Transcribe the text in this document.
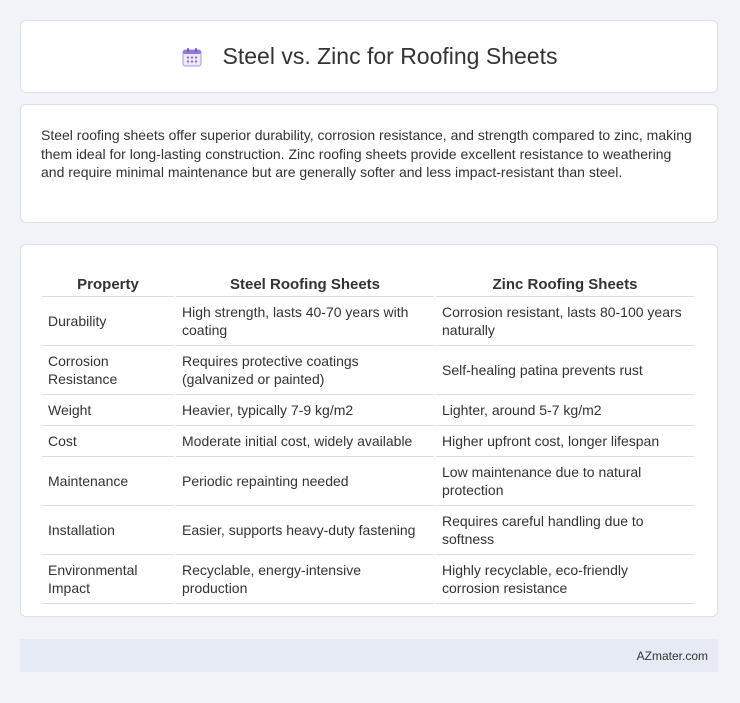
Steel vs. Zinc for Roofing Sheets

Steel roofing sheets offer superior durability, corrosion resistance, and strength compared to zinc, making them ideal for long-lasting construction. Zinc roofing sheets provide excellent resistance to weathering and require minimal maintenance but are generally softer and less impact-resistant than steel.

Property	Steel Roofing Sheets	Zinc Roofing Sheets
Durability	High strength, lasts 40-70 years with coating	Corrosion resistant, lasts 80-100 years naturally
Corrosion Resistance	Requires protective coatings (galvanized or painted)	Self-healing patina prevents rust
Weight	Heavier, typically 7-9 kg/m2	Lighter, around 5-7 kg/m2
Cost	Moderate initial cost, widely available	Higher upfront cost, longer lifespan
Maintenance	Periodic repainting needed	Low maintenance due to natural protection
Installation	Easier, supports heavy-duty fastening	Requires careful handling due to softness
Environmental Impact	Recyclable, energy-intensive production	Highly recyclable, eco-friendly corrosion resistance
AZmater.com
